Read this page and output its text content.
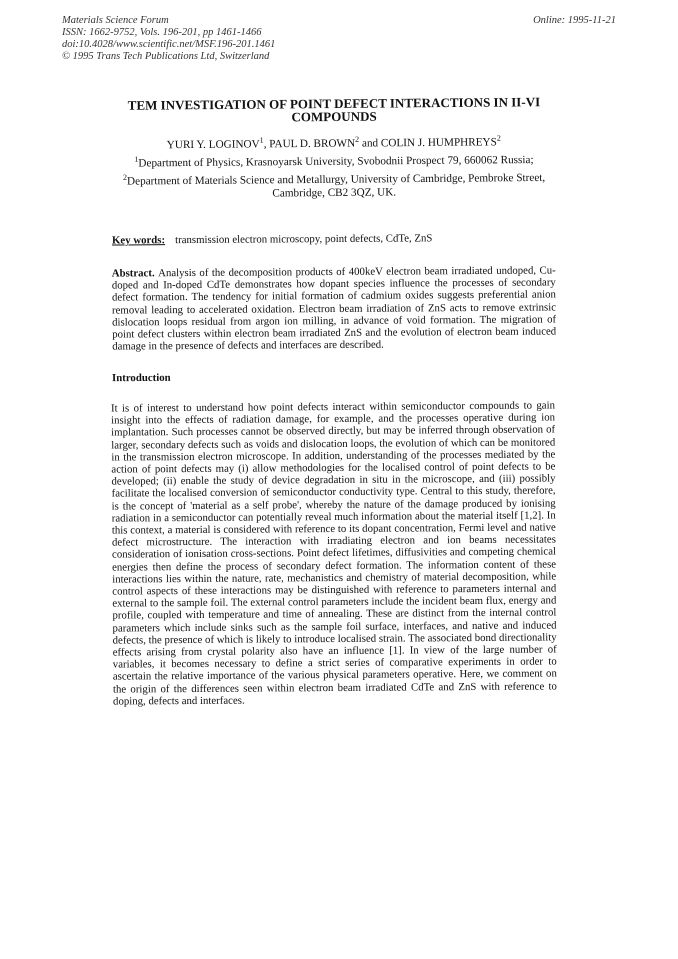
Materials Science Forum
ISSN: 1662-9752, Vols. 196-201, pp 1461-1466
doi:10.4028/www.scientific.net/MSF.196-201.1461
© 1995 Trans Tech Publications Ltd, Switzerland
Online: 1995-11-21
TEM INVESTIGATION OF POINT DEFECT INTERACTIONS IN II-VI
COMPOUNDS
YURI Y. LOGINOV$^1$, PAUL D. BROWN$^2$ and COLIN J. HUMPHREYS$^2$
$^1$Department of Physics, Krasnoyarsk University, Svobodnii Prospect 79, 660062 Russia;
$^2$Department of Materials Science and Metallurgy, University of Cambridge, Pembroke Street,
Cambridge, CB2 3QZ, UK.
Key words: transmission electron microscopy, point defects, CdTe, ZnS
Abstract. Analysis of the decomposition products of 400keV electron beam irradiated undoped, Cu-doped and In-doped CdTe demonstrates how dopant species influence the processes of secondary defect formation. The tendency for initial formation of cadmium oxides suggests preferential anion removal leading to accelerated oxidation. Electron beam irradiation of ZnS acts to remove extrinsic dislocation loops residual from argon ion milling, in advance of void formation. The migration of point defect clusters within electron beam irradiated ZnS and the evolution of electron beam induced damage in the presence of defects and interfaces are described.
Introduction
It is of interest to understand how point defects interact within semiconductor compounds to gain insight into the effects of radiation damage, for example, and the processes operative during ion implantation. Such processes cannot be observed directly, but may be inferred through observation of larger, secondary defects such as voids and dislocation loops, the evolution of which can be monitored in the transmission electron microscope. In addition, understanding of the processes mediated by the action of point defects may (i) allow methodologies for the localised control of point defects to be developed; (ii) enable the study of device degradation in situ in the microscope, and (iii) possibly facilitate the localised conversion of semiconductor conductivity type. Central to this study, therefore, is the concept of 'material as a self probe', whereby the nature of the damage produced by ionising radiation in a semiconductor can potentially reveal much information about the material itself [1,2]. In this context, a material is considered with reference to its dopant concentration, Fermi level and native defect microstructure. The interaction with irradiating electron and ion beams necessitates consideration of ionisation cross-sections. Point defect lifetimes, diffusivities and competing chemical energies then define the process of secondary defect formation. The information content of these interactions lies within the nature, rate, mechanistics and chemistry of material decomposition, while control aspects of these interactions may be distinguished with reference to parameters internal and external to the sample foil. The external control parameters include the incident beam flux, energy and profile, coupled with temperature and time of annealing. These are distinct from the internal control parameters which include sinks such as the sample foil surface, interfaces, and native and induced defects, the presence of which is likely to introduce localised strain. The associated bond directionality effects arising from crystal polarity also have an influence [1]. In view of the large number of variables, it becomes necessary to define a strict series of comparative experiments in order to ascertain the relative importance of the various physical parameters operative. Here, we comment on the origin of the differences seen within electron beam irradiated CdTe and ZnS with reference to doping, defects and interfaces.
